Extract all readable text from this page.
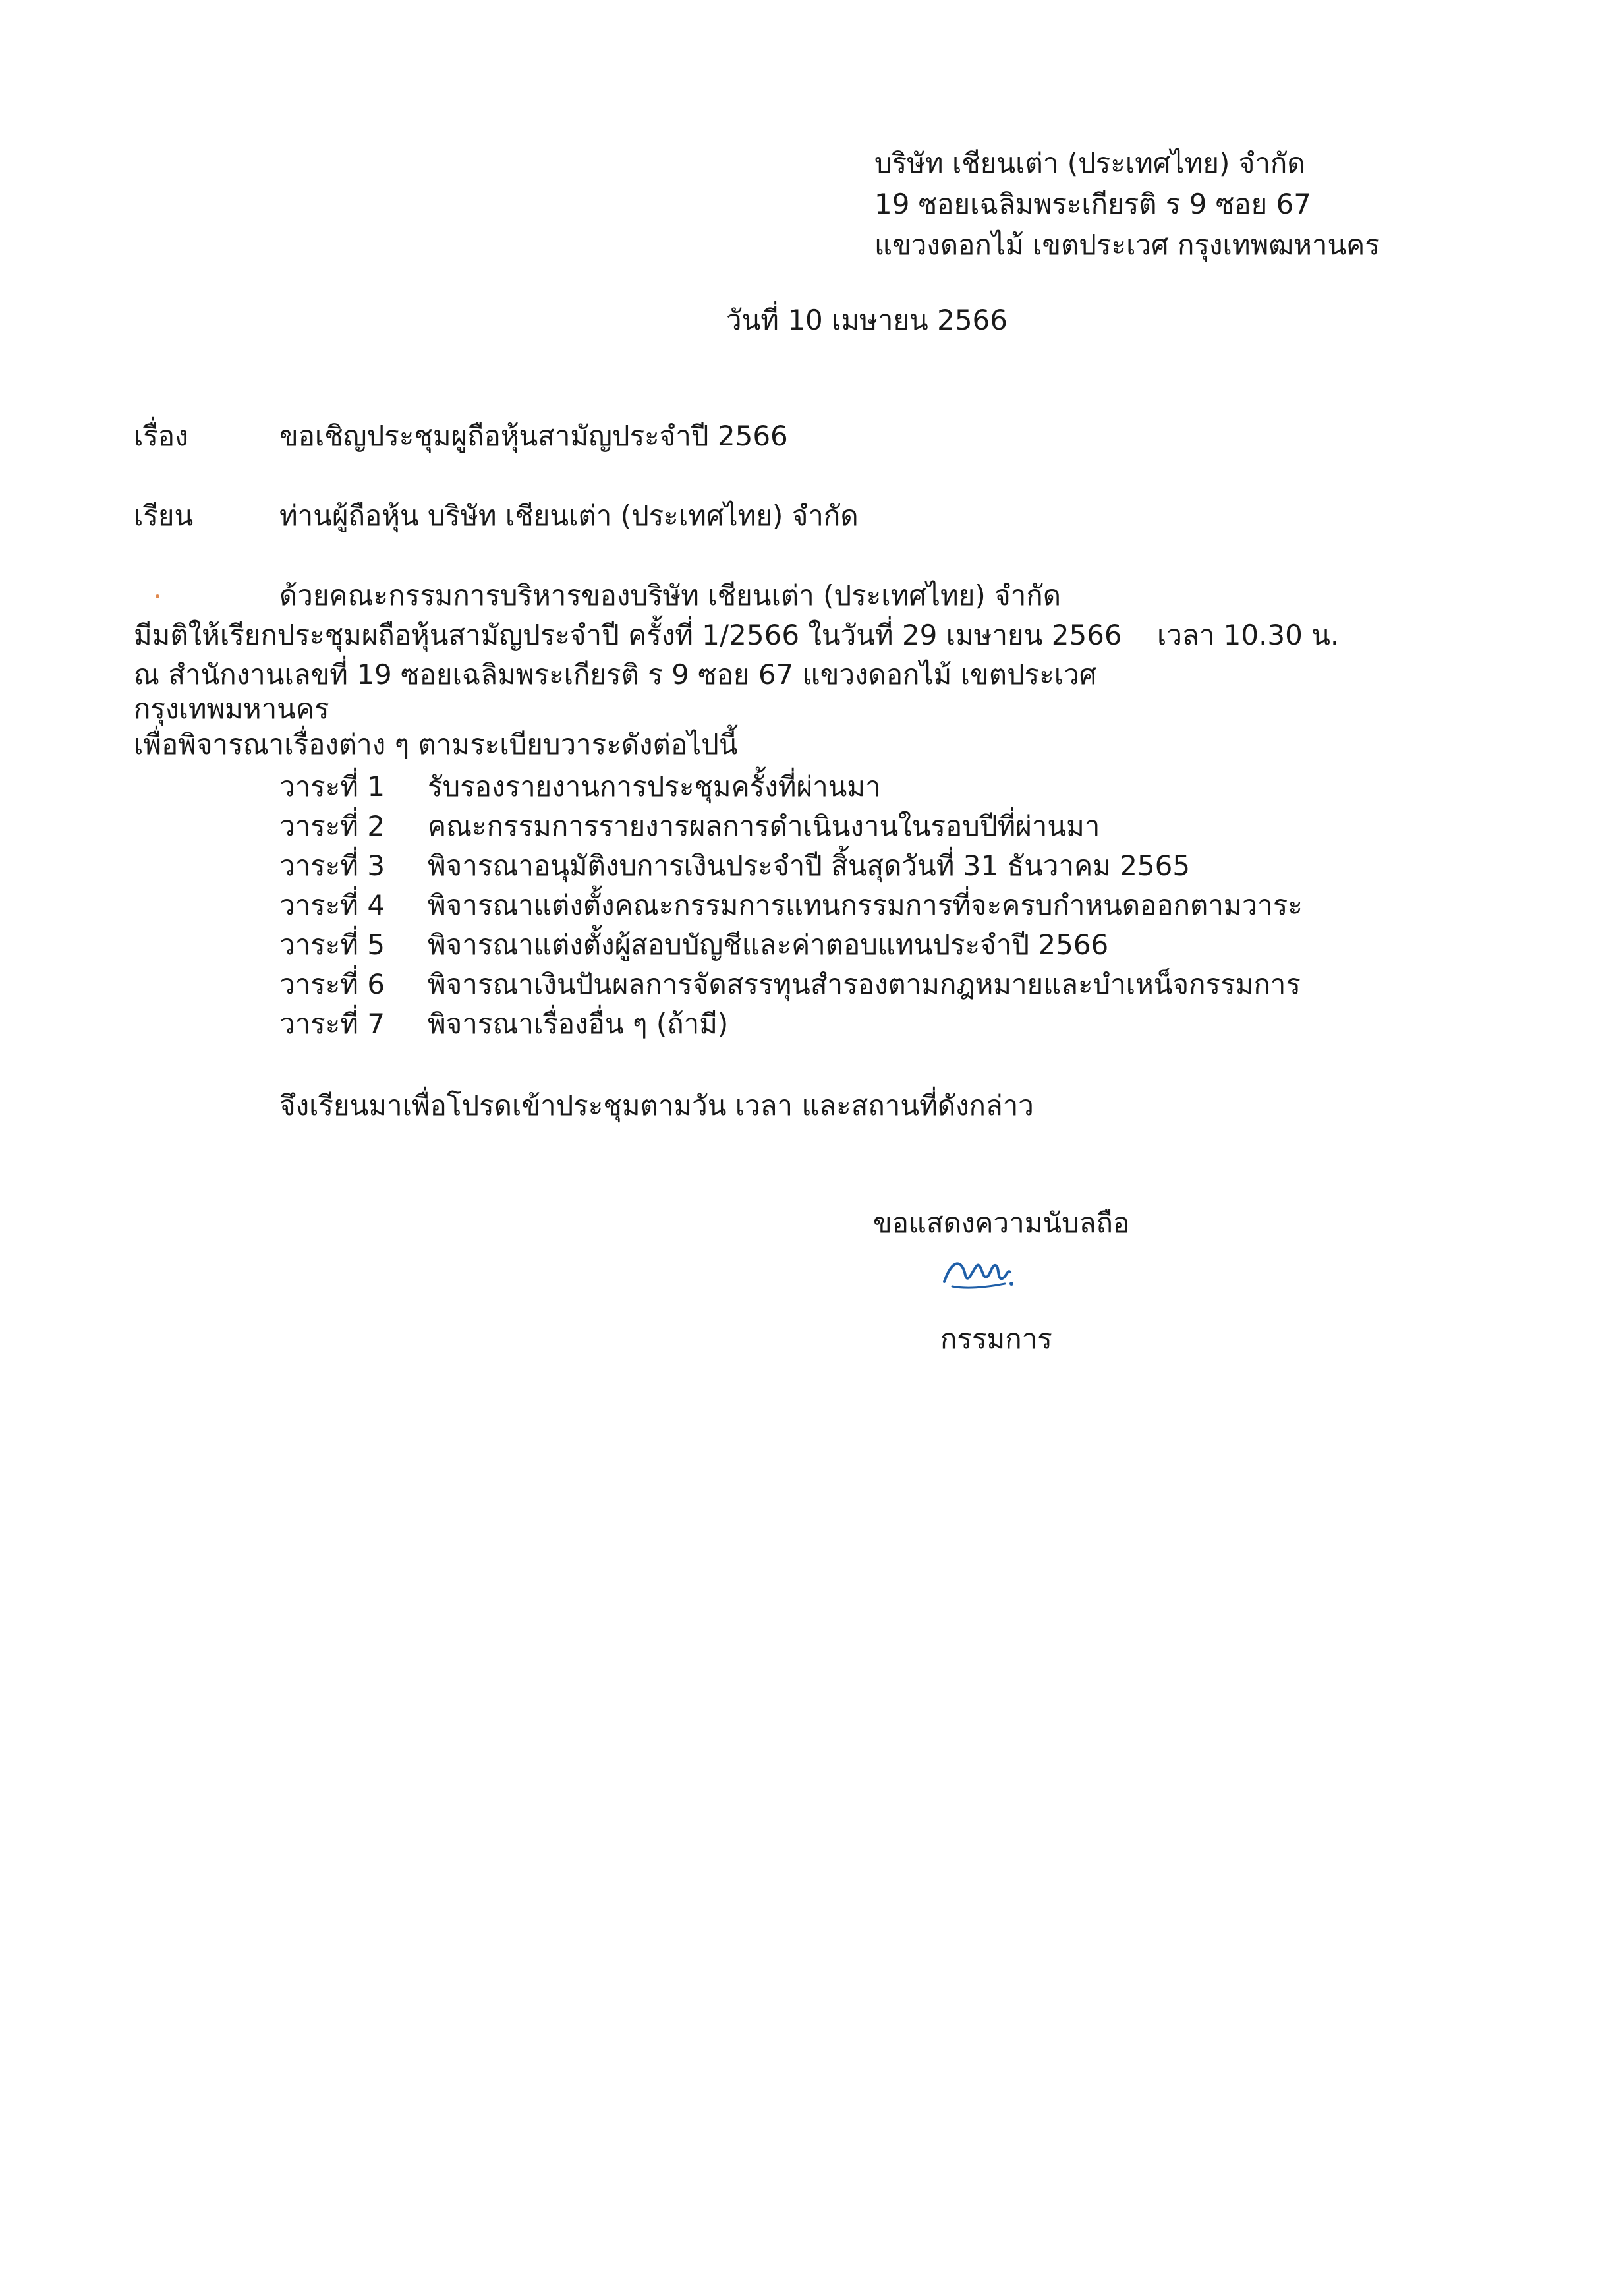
บริษัท เชียนเต่า (ประเทศไทย) จำกัด
19 ซอยเฉลิมพระเกียรติ ร 9 ซอย 67
แขวงดอกไม้ เขตประเวศ กรุงเทพฒหานคร
วันที่ 10 เมษายน 2566
เรื่อง	ขอเชิญประชุมผูถือหุ้นสามัญประจำปี 2566
เรียน	ท่านผู้ถือหุ้น บริษัท เชียนเต่า (ประเทศไทย) จำกัด
ด้วยคณะกรรมการบริหารของบริษัท เชียนเต่า (ประเทศไทย) จำกัด
มีมติให้เรียกประชุมผถือหุ้นสามัญประจำปี ครั้งที่ 1/2566 ในวันที่ 29 เมษายน 2566    เวลา 10.30 น.
ณ สำนักงานเลขที่ 19 ซอยเฉลิมพระเกียรติ ร 9 ซอย 67 แขวงดอกไม้ เขตประเวศ
กรุงเทพมหานคร
เพื่อพิจารณาเรื่องต่าง ๆ ตามระเบียบวาระดังต่อไปนี้
วาระที่ 1 รับรองรายงานการประชุมครั้งที่ผ่านมา
วาระที่ 2 คณะกรรมการรายงารผลการดำเนินงานในรอบปีที่ผ่านมา
วาระที่ 3 พิจารณาอนุมัติงบการเงินประจำปี สิ้นสุดวันที่ 31 ธันวาคม 2565
วาระที่ 4 พิจารณาแต่งตั้งคณะกรรมการแทนกรรมการที่จะครบกำหนดออกตามวาระ
วาระที่ 5 พิจารณาแต่งตั้งผู้สอบบัญชีและค่าตอบแทนประจำปี 2566
วาระที่ 6 พิจารณาเงินปันผลการจัดสรรทุนสำรองตามกฎหมายและบำเหน็จกรรมการ
วาระที่ 7 พิจารณาเรื่องอื่น ๆ (ถ้ามี)
จึงเรียนมาเพื่อโปรดเข้าประชุมตามวัน เวลา และสถานที่ดังกล่าว
ขอแสดงความนับลถือ
กรรมการ
